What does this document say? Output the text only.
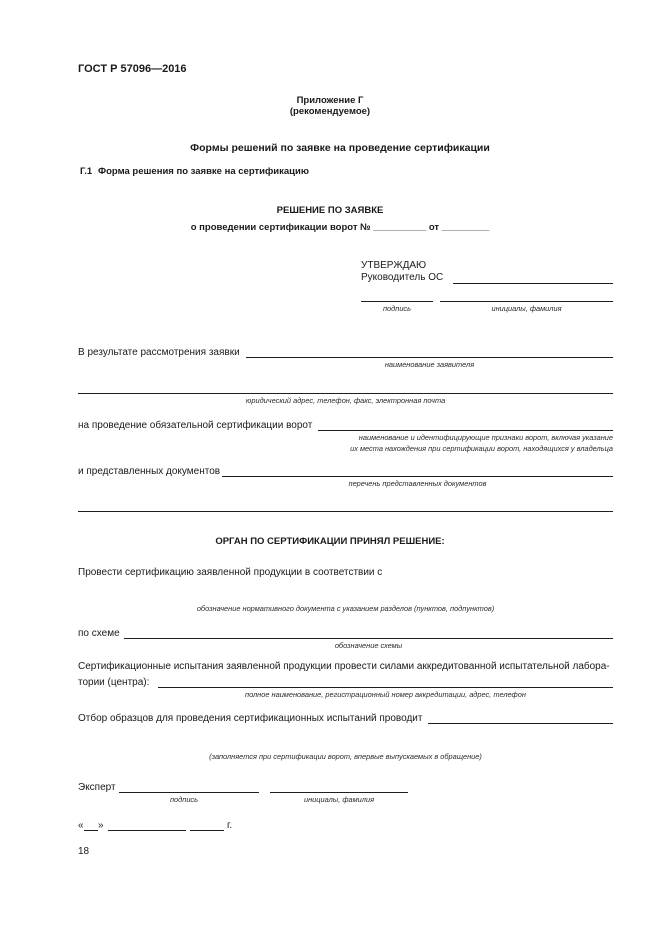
ГОСТ Р 57096—2016
Приложение Г
(рекомендуемое)
Формы решений по заявке на проведение сертификации
Г.1 Форма решения по заявке на сертификацию
РЕШЕНИЕ ПО ЗАЯВКЕ
о проведении сертификации ворот № __________ от _________
УТВЕРЖДАЮ
Руководитель ОС
подпись	инициалы, фамилия
В результате рассмотрения заявки
наименование заявителя
юридический адрес, телефон, факс, электронная почта
на проведение обязательной сертификации ворот
наименование и идентифицирующие признаки ворот, включая указание
их места нахождения при сертификации ворот, находящихся у владельца
и представленных документов
перечень представленных документов
ОРГАН ПО СЕРТИФИКАЦИИ ПРИНЯЛ РЕШЕНИЕ:
Провести сертификацию заявленной продукции в соответствии с
обозначение нормативного документа с указанием разделов (пунктов, подпунктов)
по схеме
обозначение схемы
Сертификационные испытания заявленной продукции провести силами аккредитованной испытательной лабора-
тории (центра):
полное наименование, регистрационный номер аккредитации, адрес, телефон
Отбор образцов для проведения сертификационных испытаний проводит
(заполняется при сертификации ворот, впервые выпускаемых в обращение)
Эксперт
подпись	инициалы, фамилия
« »	г.
18
